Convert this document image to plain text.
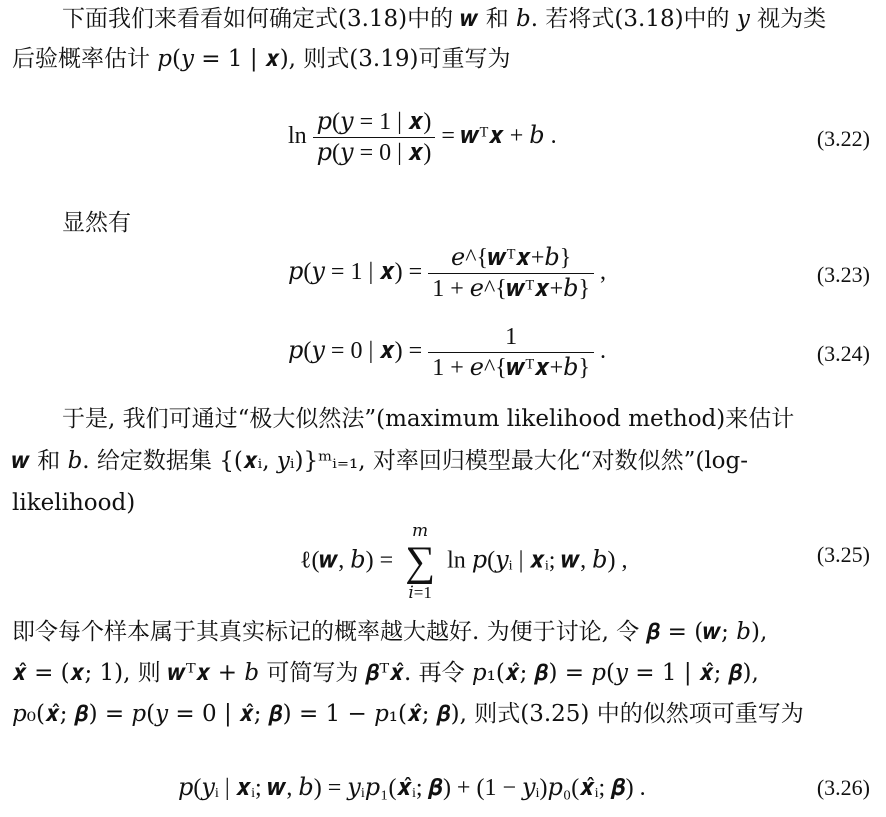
下面我们来看看如何确定式(3.18)中的 𝒘 和 𝑏. 若将式(3.18)中的 𝑦 视为类
后验概率估计 𝑝(𝑦 = 1 | 𝒙), 则式(3.19)可重写为
$\ln \frac{\text{𝑝(𝑦 = 1 | 𝒙)}}{\text{𝑝(𝑦 = 0 | 𝒙)}}$ = 𝒘ᵀ𝒙 + 𝑏 .	(3.22)
显然有
𝑝(𝑦 = 1 | 𝒙) = $\frac{\text{𝑒\textasciicircum{}\{𝒘ᵀ𝒙+𝑏\}}}{\text{1 + 𝑒\textasciicircum{}\{𝒘ᵀ𝒙+𝑏\}}}$ ,	(3.23)
𝑝(𝑦 = 0 | 𝒙) = $\frac{1}{\text{1 + 𝑒\textasciicircum{}\{𝒘ᵀ𝒙+𝑏\}}}$ .	(3.24)
于是, 我们可通过“极大似然法”(maximum likelihood method)来估计
𝒘 和 𝑏. 给定数据集 {(𝒙ᵢ, 𝑦ᵢ)}ᵐᵢ₌₁, 对率回归模型最大化“对数似然”(log-
likelihood)
ℓ(𝒘, 𝑏) =
𝑚
∑
𝑖=1
ln 𝑝(𝑦ᵢ | 𝒙ᵢ; 𝒘, 𝑏) ,	(3.25)
即令每个样本属于其真实标记的概率越大越好. 为便于讨论, 令 𝜷 = (𝒘; 𝑏),
𝒙̂ = (𝒙; 1), 则 𝒘ᵀ𝒙 + 𝑏 可简写为 𝜷ᵀ𝒙̂. 再令 𝑝₁(𝒙̂; 𝜷) = 𝑝(𝑦 = 1 | 𝒙̂; 𝜷),
𝑝₀(𝒙̂; 𝜷) = 𝑝(𝑦 = 0 | 𝒙̂; 𝜷) = 1 − 𝑝₁(𝒙̂; 𝜷), 则式(3.25) 中的似然项可重写为
𝑝(𝑦ᵢ | 𝒙ᵢ; 𝒘, 𝑏) = 𝑦ᵢ𝑝₁(𝒙̂ᵢ; 𝜷) + (1 − 𝑦ᵢ)𝑝₀(𝒙̂ᵢ; 𝜷) .	(3.26)
